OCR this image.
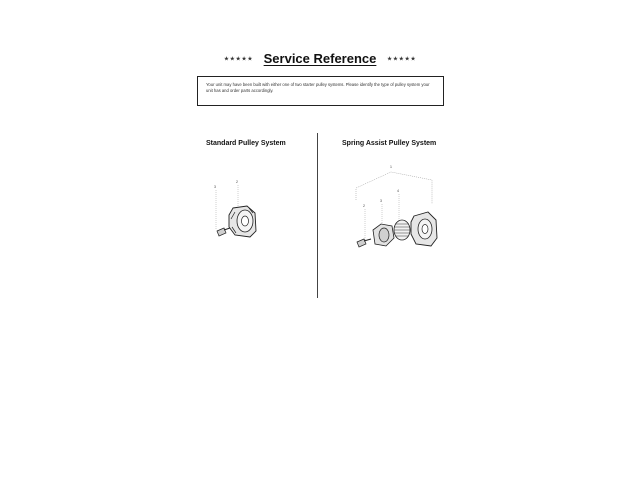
★★★★★ Service Reference ★★★★★
Your unit may have been built with either one of two starter pulley systems. Please identify the type of pulley system your unit has and order parts accordingly.
Standard Pulley System	Spring Assist Pulley System
3
2
1
2
3
4
